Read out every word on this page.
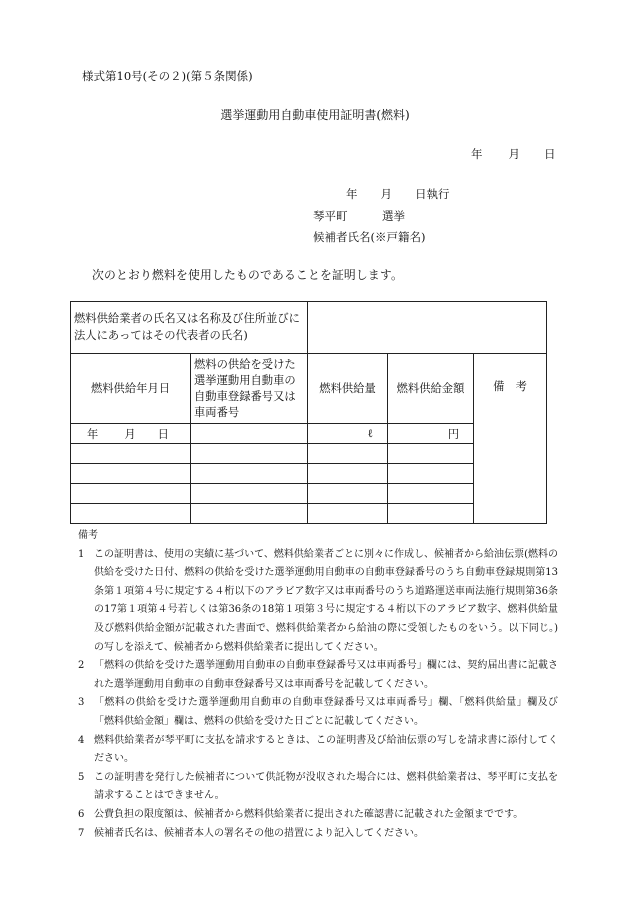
様式第10号(その２)(第５条関係)
選挙運動用自動車使用証明書(燃料)
年 月 日
年　　月　　日執行
琴平町　　　選挙
候補者氏名(※戸籍名)
次のとおり燃料を使用したものであることを証明します。
燃料供給業者の氏名又は名称及び住所並びに法人にあってはその代表者の氏名)				
燃料供給年月日	燃料の供給を受けた選挙運動用自動車の自動車登録番号又は車両番号	燃料供給量	燃料供給金額	備　考
年 月 日		ℓ	円	

備考
1 この証明書は、使用の実績に基づいて、燃料供給業者ごとに別々に作成し、候補者から給油伝票(燃料の供給を受けた日付、燃料の供給を受けた選挙運動用自動車の自動車登録番号のうち自動車登録規則第13条第１項第４号に規定する４桁以下のアラビア数字又は車両番号のうち道路運送車両法施行規則第36条の17第１項第４号若しくは第36条の18第１項第３号に規定する４桁以下のアラビア数字、燃料供給量及び燃料供給金額が記載された書面で、燃料供給業者から給油の際に受領したものをいう。以下同じ。)の写しを添えて、候補者から燃料供給業者に提出してください。
2 「燃料の供給を受けた選挙運動用自動車の自動車登録番号又は車両番号」欄には、契約届出書に記載された選挙運動用自動車の自動車登録番号又は車両番号を記載してください。
3 「燃料の供給を受けた選挙運動用自動車の自動車登録番号又は車両番号」欄、「燃料供給量」欄及び「燃料供給金額」欄は、燃料の供給を受けた日ごとに記載してください。
4 燃料供給業者が琴平町に支払を請求するときは、この証明書及び給油伝票の写しを請求書に添付してください。
5 この証明書を発行した候補者について供託物が没収された場合には、燃料供給業者は、琴平町に支払を請求することはできません。
6 公費負担の限度額は、候補者から燃料供給業者に提出された確認書に記載された金額までです。
7 候補者氏名は、候補者本人の署名その他の措置により記入してください。
